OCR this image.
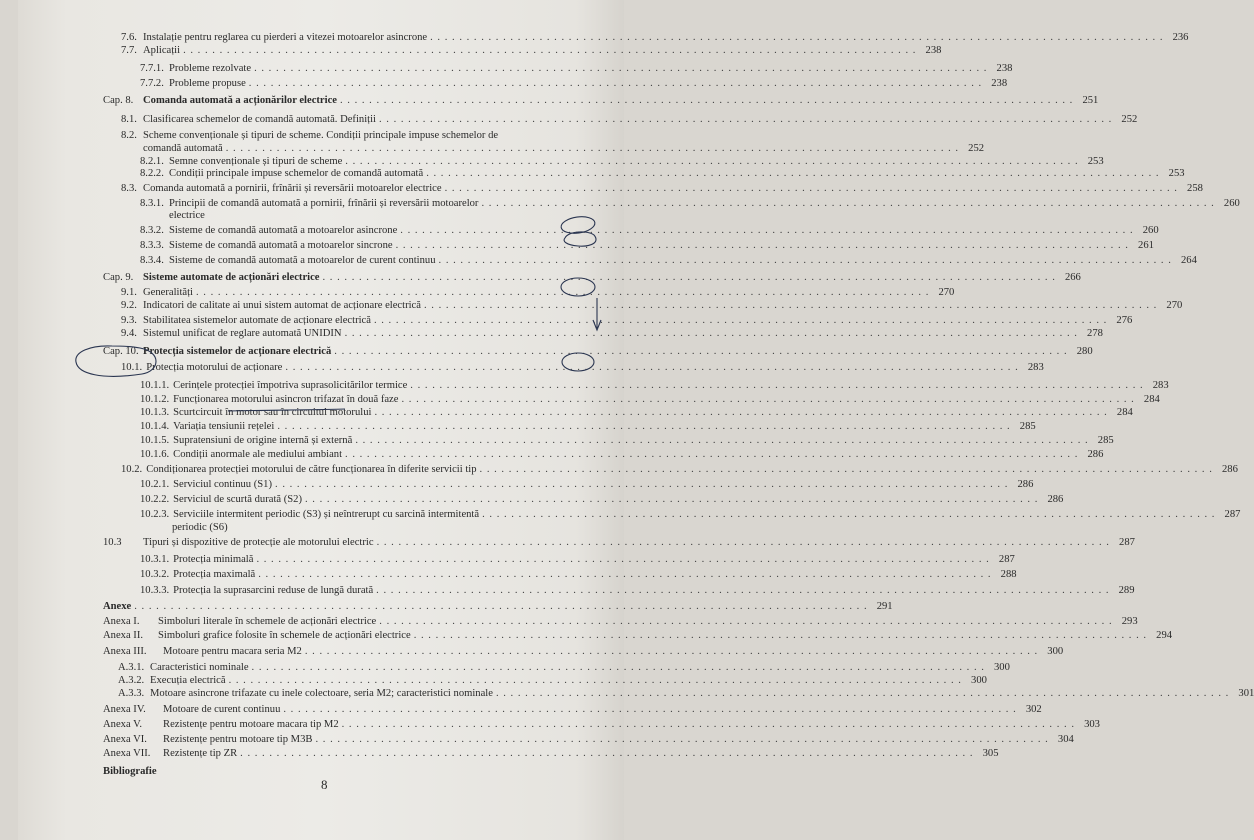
7.6. Instalație pentru reglarea cu pierderi a vitezei motoarelor asincrone . . .	236
7.7. Aplicații . . .	238
7.7.1. Probleme rezolvate . . .	238
7.7.2. Probleme propuse . . .	238
Cap. 8. Comanda automată a acționărilor electrice . . .	251
8.1. Clasificarea schemelor de comandă automată. Definiții . . .	252
8.2. Scheme convenționale și tipuri de scheme. Condiții principale impuse schemelor de
comandă automată . . .	252
8.2.1. Semne convenționale și tipuri de scheme . . .	253
8.2.2. Condiții principale impuse schemelor de comandă automată . . .	253
8.3. Comanda automată a pornirii, frînării și reversării motoarelor electrice . . .	258
8.3.1. Principii de comandă automată a pornirii, frînării și reversării motoarelor . . .	260
electrice
8.3.2. Sisteme de comandă automată a motoarelor asincrone . . .	260
8.3.3. Sisteme de comandă automată a motoarelor sincrone . . .	261
8.3.4. Sisteme de comandă automată a motoarelor de curent continuu . . .	264
Cap. 9. Sisteme automate de acționări electrice . . .	266
9.1. Generalități . . .	270
9.2. Indicatori de calitate ai unui sistem automat de acționare electrică . . .	270
9.3. Stabilitatea sistemelor automate de acționare electrică . . .	276
9.4. Sistemul unificat de reglare automată UNIDIN . . .	278
Cap. 10. Protecția sistemelor de acționare electrică . . .	280
10.1. Protecția motorului de acționare . . .	283
10.1.1. Cerințele protecției împotriva suprasolicitărilor termice . . .	283
10.1.2. Funcționarea motorului asincron trifazat în două faze . . .	284
10.1.3. Scurtcircuit în motor sau în circuitul motorului . . .	284
10.1.4. Variația tensiunii rețelei . . .	285
10.1.5. Supratensiuni de origine internă și externă . . .	285
10.1.6. Condiții anormale ale mediului ambiant . . .	286
10.2. Condiționarea protecției motorului de către funcționarea în diferite servicii tip . . .	286
10.2.1. Serviciul continuu (S1) . . .	286
10.2.2. Serviciul de scurtă durată (S2) . . .	286
10.2.3. Serviciile intermitent periodic (S3) și neîntrerupt cu sarcină intermitentă . . .	287
periodic (S6)
10.3	Tipuri și dispozitive de protecție ale motorului electric . . .	287
10.3.1. Protecția minimală . . .	287
10.3.2. Protecția maximală . . .	288
10.3.3. Protecția la suprasarcini reduse de lungă durată . . .	289
Anexe . . .	291
Anexa I.	Simboluri literale în schemele de acționări electrice . . .	293
Anexa II.	Simboluri grafice folosite în schemele de acționări electrice . . .	294
Anexa III.	Motoare pentru macara seria M2 . . .	300
A.3.1. Caracteristici nominale . . .	300
A.3.2. Execuția electrică . . .	300
A.3.3. Motoare asincrone trifazate cu inele colectoare, seria M2; caracteristici nominale . . .	301
Anexa IV.	Motoare de curent continuu . . .	302
Anexa V.	Rezistențe pentru motoare macara tip M2 . . .	303
Anexa VI.	Rezistențe pentru motoare tip M3B . . .	304
Anexa VII.	Rezistențe tip ZR . . .	305
Bibliografie
8
